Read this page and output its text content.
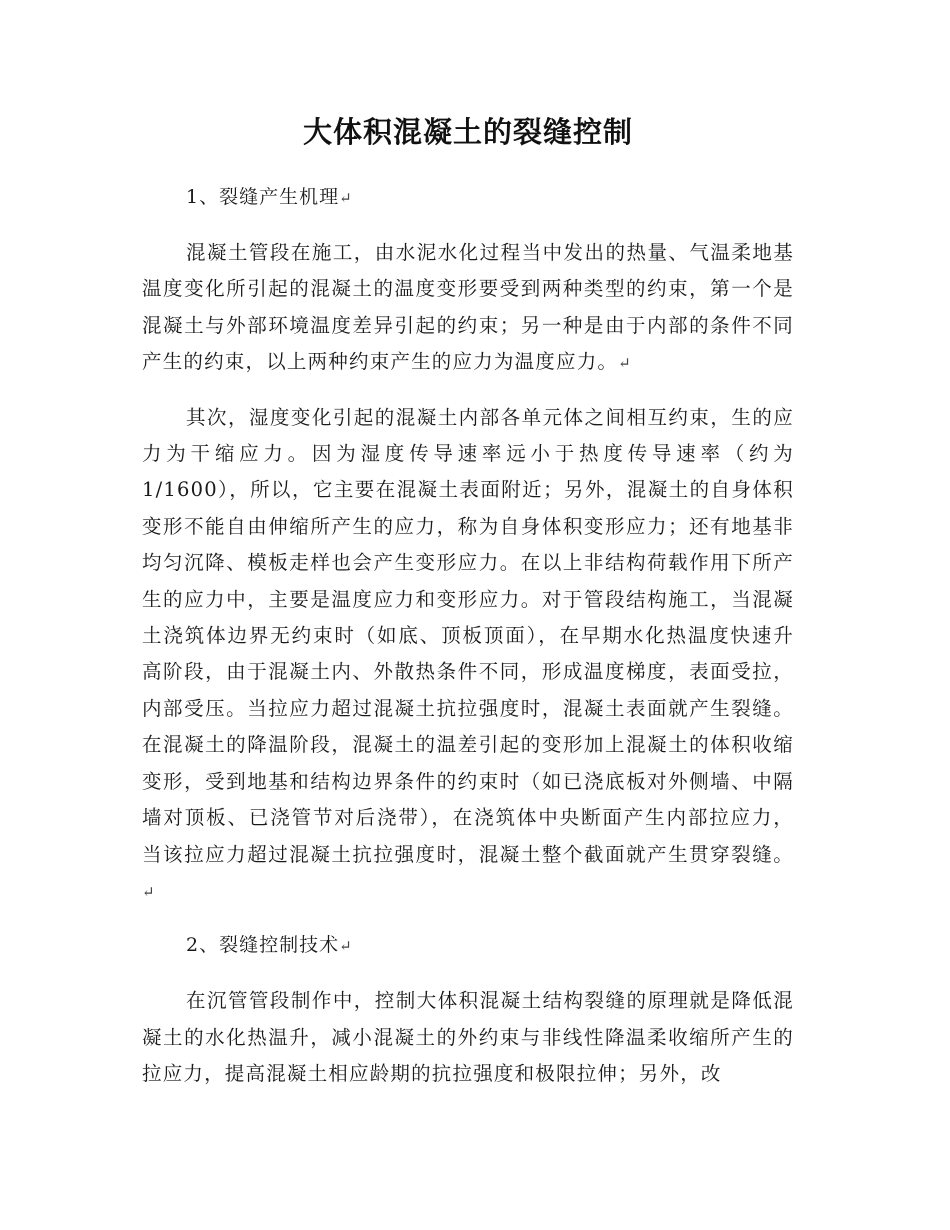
大体积混凝土的裂缝控制

1、裂缝产生机理↵

混凝土管段在施工，由水泥水化过程当中发出的热量、气温柔地基温度变化所引起的混凝土的温度变形要受到两种类型的约束，第一个是混凝土与外部环境温度差异引起的约束；另一种是由于内部的条件不同产生的约束，以上两种约束产生的应力为温度应力。↵

其次，湿度变化引起的混凝土内部各单元体之间相互约束，生的应力为干缩应力。因为湿度传导速率远小于热度传导速率（约为1/1600），所以，它主要在混凝土表面附近；另外，混凝土的自身体积变形不能自由伸缩所产生的应力，称为自身体积变形应力；还有地基非均匀沉降、模板走样也会产生变形应力。在以上非结构荷载作用下所产生的应力中，主要是温度应力和变形应力。对于管段结构施工，当混凝土浇筑体边界无约束时（如底、顶板顶面），在早期水化热温度快速升高阶段，由于混凝土内、外散热条件不同，形成温度梯度，表面受拉，内部受压。当拉应力超过混凝土抗拉强度时，混凝土表面就产生裂缝。在混凝土的降温阶段，混凝土的温差引起的变形加上混凝土的体积收缩变形，受到地基和结构边界条件的约束时（如已浇底板对外侧墙、中隔墙对顶板、已浇管节对后浇带），在浇筑体中央断面产生内部拉应力，当该拉应力超过混凝土抗拉强度时，混凝土整个截面就产生贯穿裂缝。↵

2、裂缝控制技术↵

在沉管管段制作中，控制大体积混凝土结构裂缝的原理就是降低混凝土的水化热温升，减小混凝土的外约束与非线性降温柔收缩所产生的拉应力，提高混凝土相应龄期的抗拉强度和极限拉伸；另外，改
